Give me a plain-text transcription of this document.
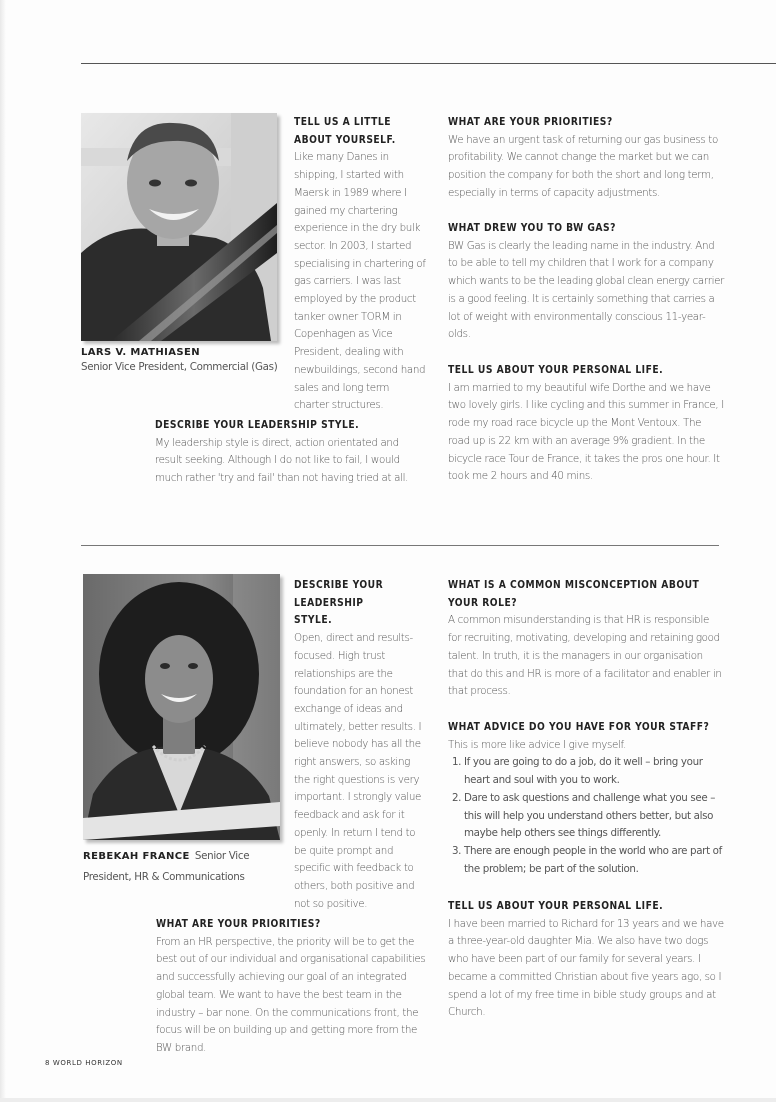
LARS V. MATHIASEN
Senior Vice President, Commercial (Gas)

TELL US A LITTLE ABOUT YOURSELF.

Like many Danes in shipping, I started with Maersk in 1989 where I gained my chartering experience in the dry bulk sector. In 2003, I started specialising in chartering of gas carriers. I was last employed by the product tanker owner TORM in Copenhagen as Vice President, dealing with newbuildings, second hand sales and long term charter structures.

DESCRIBE YOUR LEADERSHIP STYLE.

My leadership style is direct, action orientated and result seeking. Although I do not like to fail, I would much rather 'try and fail' than not having tried at all.

WHAT ARE YOUR PRIORITIES?

We have an urgent task of returning our gas business to profitability. We cannot change the market but we can position the company for both the short and long term, especially in terms of capacity adjustments.

WHAT DREW YOU TO BW GAS?

BW Gas is clearly the leading name in the industry. And to be able to tell my children that I work for a company which wants to be the leading global clean energy carrier is a good feeling. It is certainly something that carries a lot of weight with environmentally conscious 11-year-olds.

TELL US ABOUT YOUR PERSONAL LIFE.

I am married to my beautiful wife Dorthe and we have two lovely girls. I like cycling and this summer in France, I rode my road race bicycle up the Mont Ventoux. The road up is 22 km with an average 9% gradient. In the bicycle race Tour de France, it takes the pros one hour. It took me 2 hours and 40 mins.

REBEKAH FRANCE Senior Vice President, HR & Communications

DESCRIBE YOUR LEADERSHIP STYLE.

Open, direct and results-focused. High trust relationships are the foundation for an honest exchange of ideas and ultimately, better results. I believe nobody has all the right answers, so asking the right questions is very important. I strongly value feedback and ask for it openly. In return I tend to be quite prompt and specific with feedback to others, both positive and not so positive.

WHAT ARE YOUR PRIORITIES?

From an HR perspective, the priority will be to get the best out of our individual and organisational capabilities and successfully achieving our goal of an integrated global team. We want to have the best team in the industry – bar none. On the communications front, the focus will be on building up and getting more from the BW brand.

WHAT IS A COMMON MISCONCEPTION ABOUT YOUR ROLE?

A common misunderstanding is that HR is responsible for recruiting, motivating, developing and retaining good talent. In truth, it is the managers in our organisation that do this and HR is more of a facilitator and enabler in that process.

WHAT ADVICE DO YOU HAVE FOR YOUR STAFF?

This is more like advice I give myself.

1. If you are going to do a job, do it well – bring your heart and soul with you to work.
2. Dare to ask questions and challenge what you see – this will help you understand others better, but also maybe help others see things differently.
3. There are enough people in the world who are part of the problem; be part of the solution.

TELL US ABOUT YOUR PERSONAL LIFE.

I have been married to Richard for 13 years and we have a three-year-old daughter Mia. We also have two dogs who have been part of our family for several years. I became a committed Christian about five years ago, so I spend a lot of my free time in bible study groups and at Church.

8 WORLD HORIZON
